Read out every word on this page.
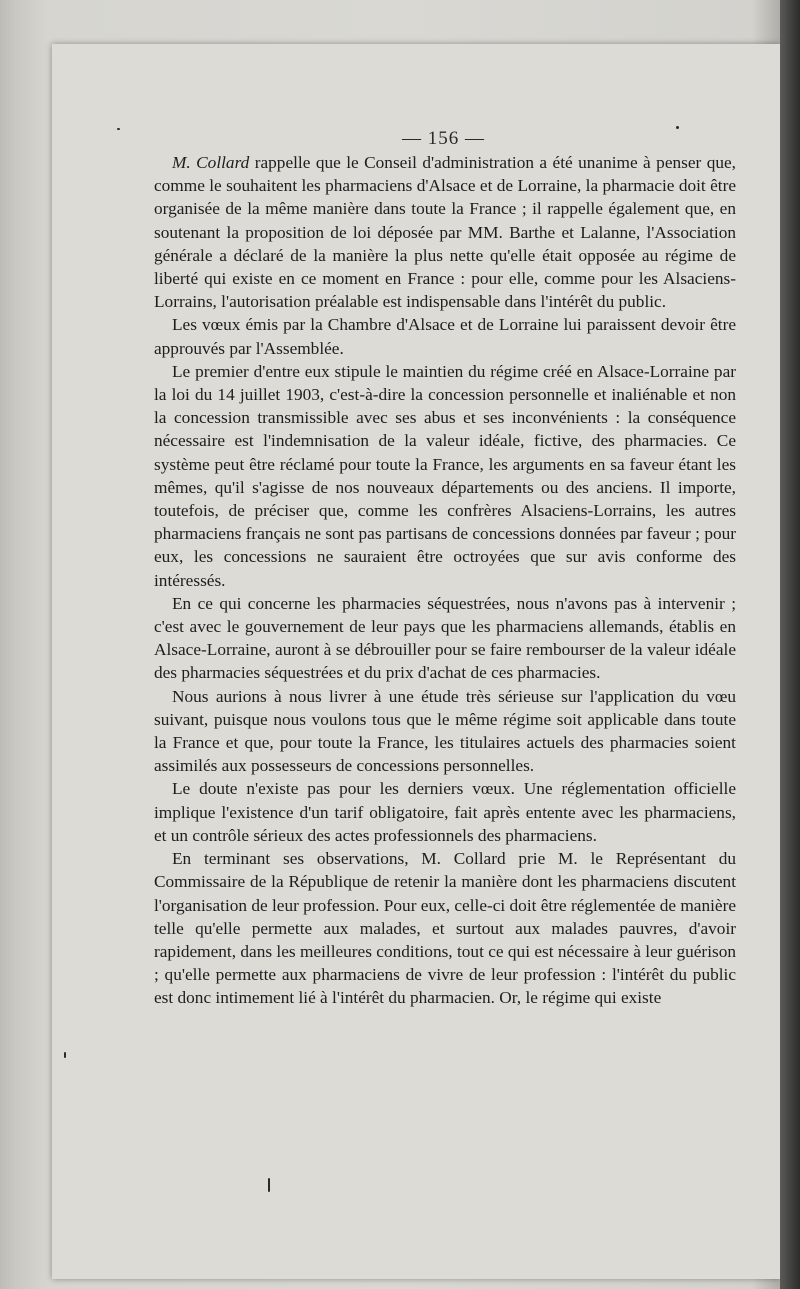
— 156 —

M. Collard rappelle que le Conseil d'administration a été unanime à penser que, comme le souhaitent les pharmaciens d'Alsace et de Lorraine, la pharmacie doit être organisée de la même manière dans toute la France ; il rappelle également que, en soutenant la proposition de loi déposée par MM. Barthe et Lalanne, l'Association générale a déclaré de la manière la plus nette qu'elle était opposée au régime de liberté qui existe en ce moment en France : pour elle, comme pour les Alsaciens-Lorrains, l'autorisation préalable est indispensable dans l'intérêt du public.

Les vœux émis par la Chambre d'Alsace et de Lorraine lui paraissent devoir être approuvés par l'Assemblée.

Le premier d'entre eux stipule le maintien du régime créé en Alsace-Lorraine par la loi du 14 juillet 1903, c'est-à-dire la concession personnelle et inaliénable et non la concession transmissible avec ses abus et ses inconvénients : la conséquence nécessaire est l'indemnisation de la valeur idéale, fictive, des pharmacies. Ce système peut être réclamé pour toute la France, les arguments en sa faveur étant les mêmes, qu'il s'agisse de nos nouveaux départements ou des anciens. Il importe, toutefois, de préciser que, comme les confrères Alsaciens-Lorrains, les autres pharmaciens français ne sont pas partisans de concessions données par faveur ; pour eux, les concessions ne sauraient être octroyées que sur avis conforme des intéressés.

En ce qui concerne les pharmacies séquestrées, nous n'avons pas à intervenir ; c'est avec le gouvernement de leur pays que les pharmaciens allemands, établis en Alsace-Lorraine, auront à se débrouiller pour se faire rembourser de la valeur idéale des pharmacies séquestrées et du prix d'achat de ces pharmacies.

Nous aurions à nous livrer à une étude très sérieuse sur l'application du vœu suivant, puisque nous voulons tous que le même régime soit applicable dans toute la France et que, pour toute la France, les titulaires actuels des pharmacies soient assimilés aux possesseurs de concessions personnelles.

Le doute n'existe pas pour les derniers vœux. Une réglementation officielle implique l'existence d'un tarif obligatoire, fait après entente avec les pharmaciens, et un contrôle sérieux des actes professionnels des pharmaciens.

En terminant ses observations, M. Collard prie M. le Représentant du Commissaire de la République de retenir la manière dont les pharmaciens discutent l'organisation de leur profession. Pour eux, celle-ci doit être réglementée de manière telle qu'elle permette aux malades, et surtout aux malades pauvres, d'avoir rapidement, dans les meilleures conditions, tout ce qui est nécessaire à leur guérison ; qu'elle permette aux pharmaciens de vivre de leur profession : l'intérêt du public est donc intimement lié à l'intérêt du pharmacien. Or, le régime qui existe
